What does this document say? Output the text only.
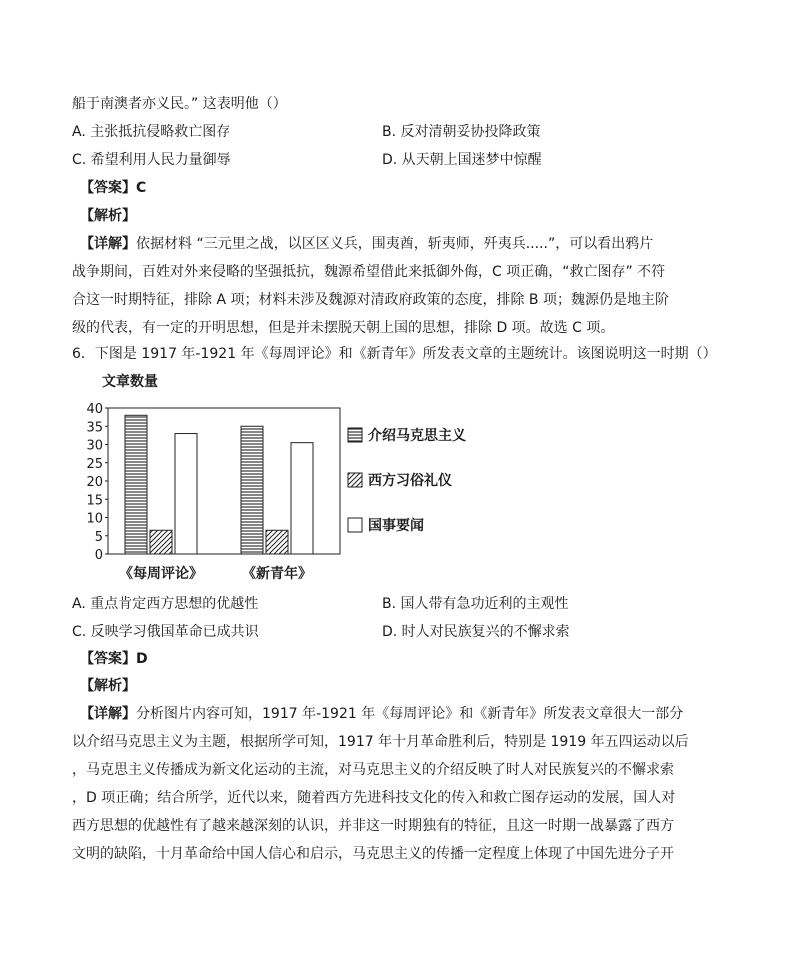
船于南澳者亦义民。” 这表明他（）
A. 主张抵抗侵略救亡图存	B. 反对清朝妥协投降政策
C. 希望利用人民力量御辱	D. 从天朝上国迷梦中惊醒
【答案】C
【解析】
【详解】依据材料 “三元里之战，以区区义兵，围夷酋，斩夷师，歼夷兵.....”，可以看出鸦片
战争期间，百姓对外来侵略的坚强抵抗，魏源希望借此来抵御外侮，C 项正确，“救亡图存” 不符
合这一时期特征，排除 A 项；材料未涉及魏源对清政府政策的态度，排除 B 项；魏源仍是地主阶
级的代表，有一定的开明思想，但是并未摆脱天朝上国的思想，排除 D 项。故选 C 项。
6．下图是 1917 年-1921 年《每周评论》和《新青年》所发表文章的主题统计。该图说明这一时期（）
文章数量
0
5
10
15
20
25
30
35
40
《每周评论》	《新青年》
介绍马克思主义
西方习俗礼仪
国事要闻
A. 重点肯定西方思想的优越性	B. 国人带有急功近利的主观性
C. 反映学习俄国革命已成共识	D. 时人对民族复兴的不懈求索
【答案】D
【解析】
【详解】分析图片内容可知，1917 年-1921 年《每周评论》和《新青年》所发表文章很大一部分
以介绍马克思主义为主题，根据所学可知，1917 年十月革命胜利后，特别是 1919 年五四运动以后
，马克思主义传播成为新文化运动的主流，对马克思主义的介绍反映了时人对民族复兴的不懈求索
，D 项正确；结合所学，近代以来，随着西方先进科技文化的传入和救亡图存运动的发展，国人对
西方思想的优越性有了越来越深刻的认识，并非这一时期独有的特征，且这一时期一战暴露了西方
文明的缺陷，十月革命给中国人信心和启示，马克思主义的传播一定程度上体现了中国先进分子开
